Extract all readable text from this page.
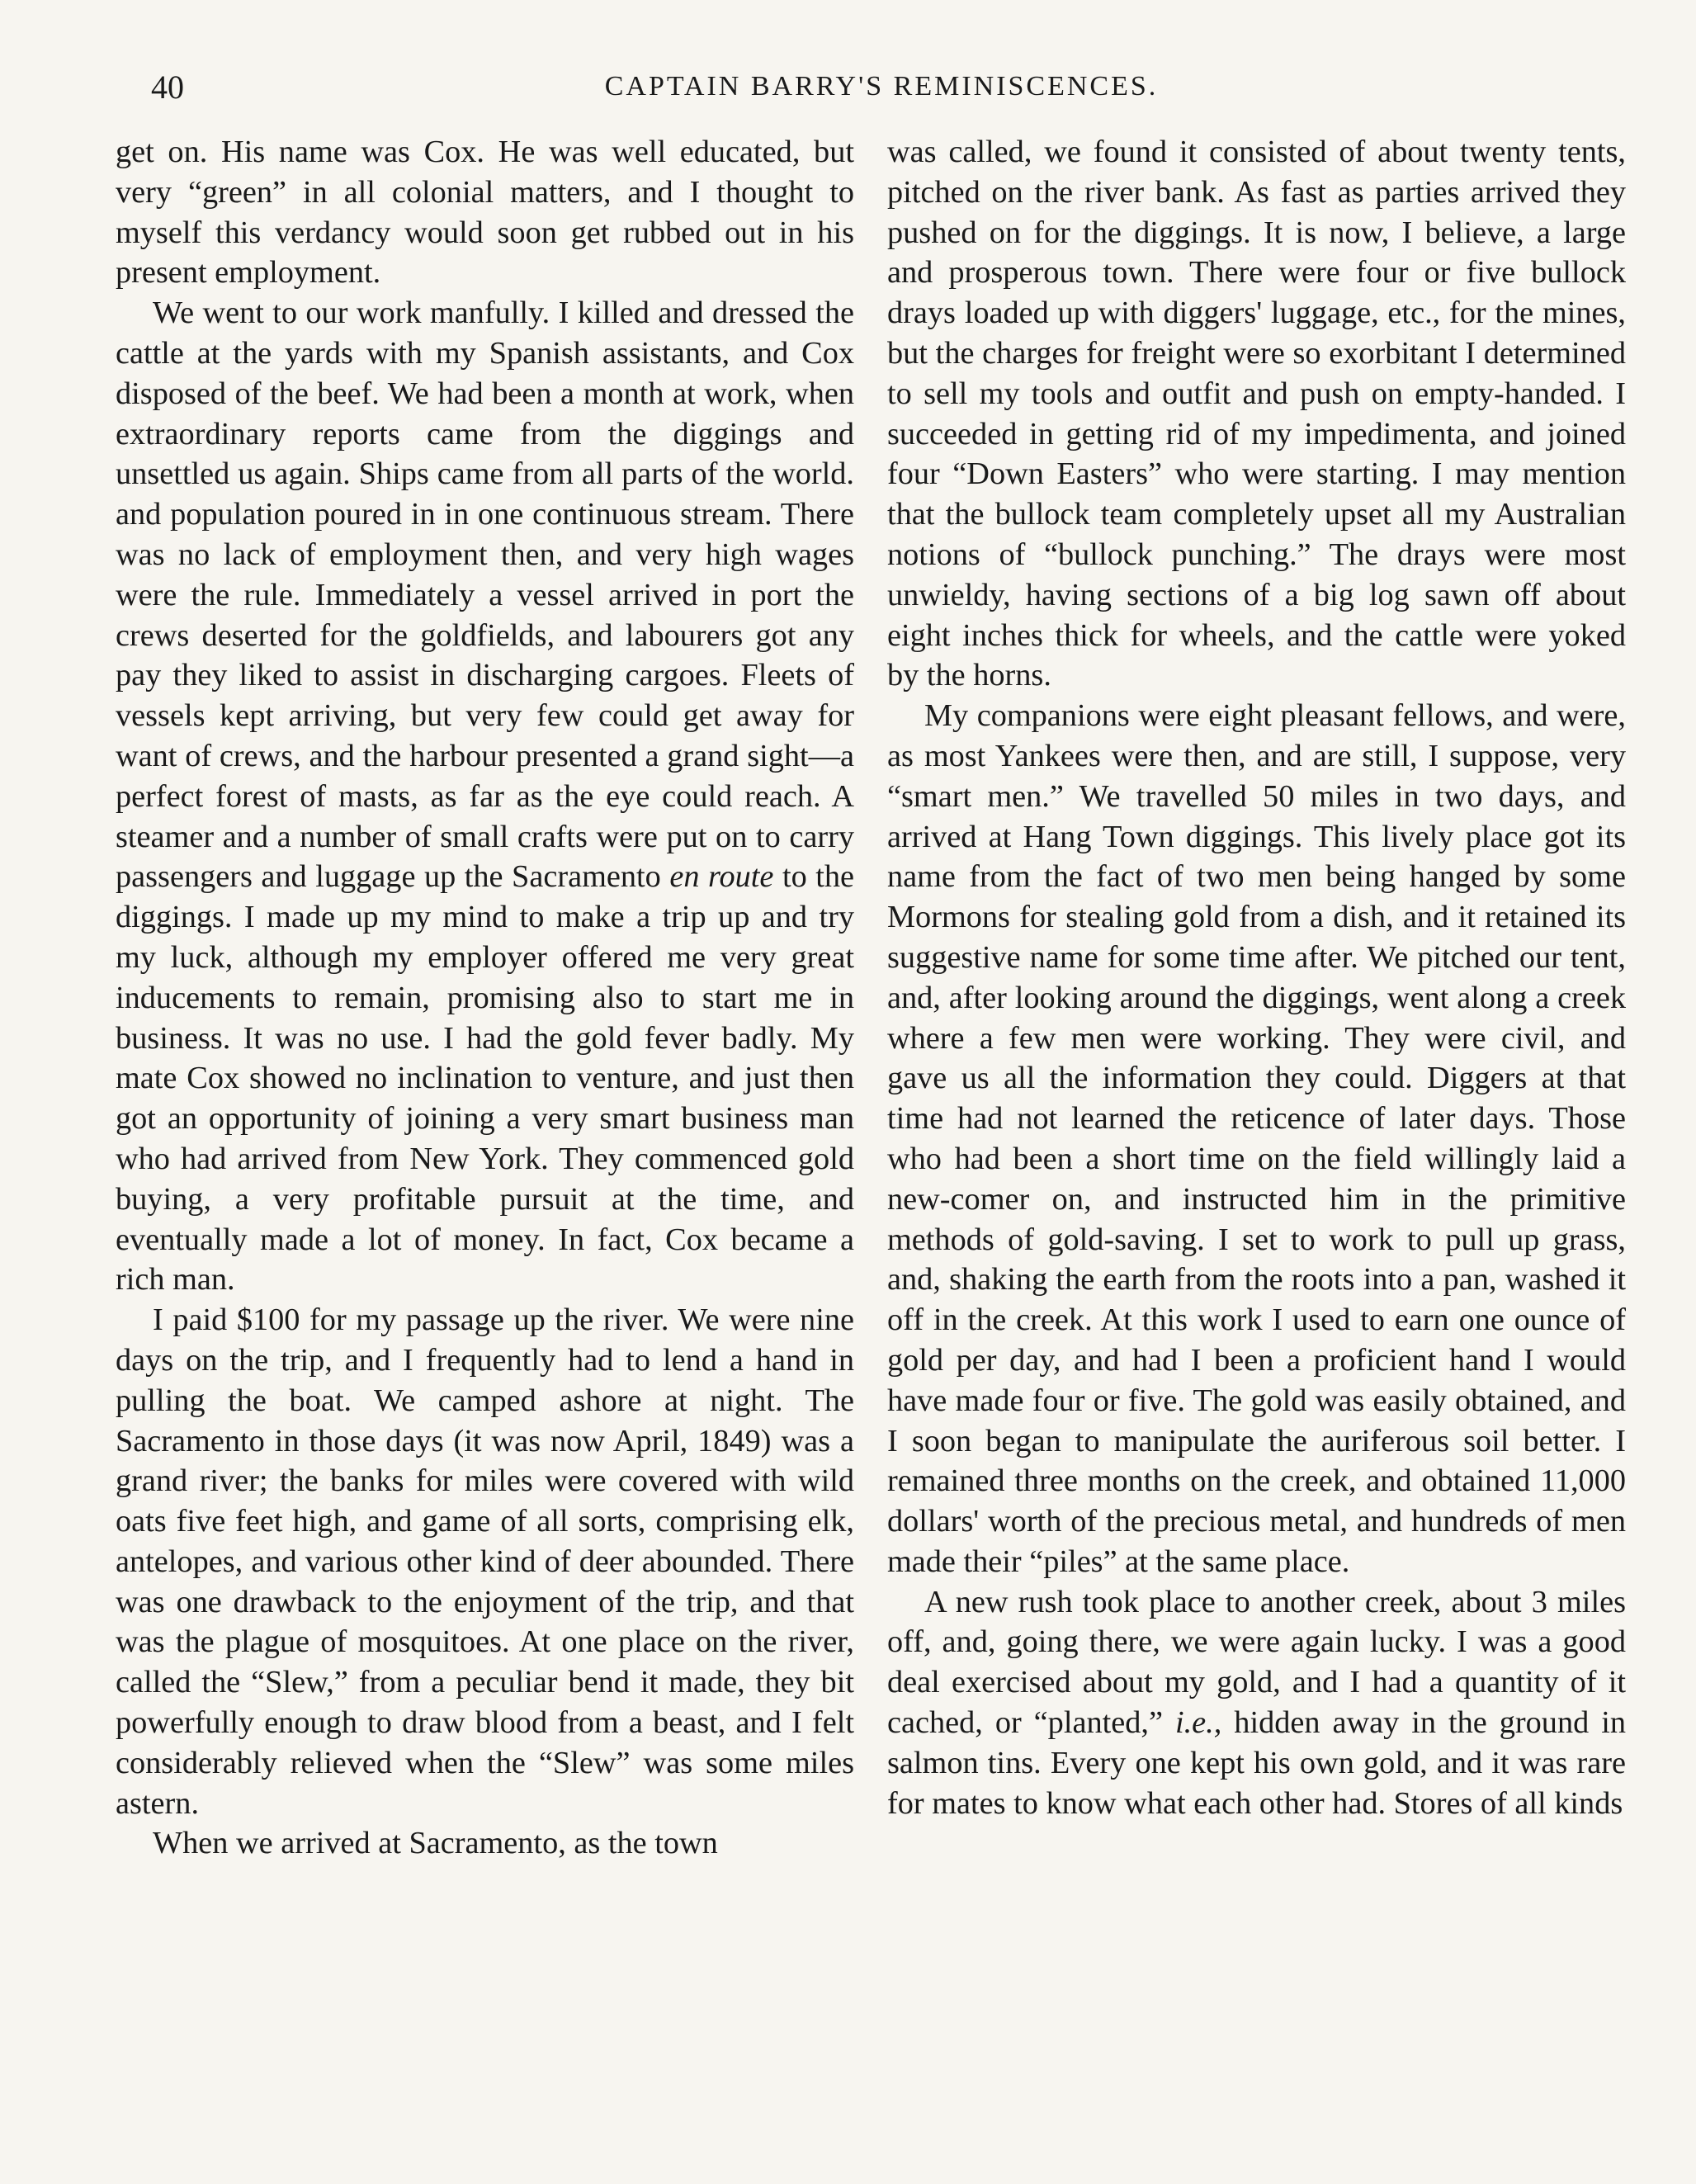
40	CAPTAIN BARRY'S REMINISCENCES.

get on. His name was Cox. He was well educated, but very “green” in all colonial matters, and I thought to myself this verdancy would soon get rubbed out in his present employment.

We went to our work manfully. I killed and dressed the cattle at the yards with my Spanish assistants, and Cox disposed of the beef. We had been a month at work, when extraordinary reports came from the diggings and unsettled us again. Ships came from all parts of the world. and population poured in in one continuous stream. There was no lack of employment then, and very high wages were the rule. Immediately a vessel arrived in port the crews deserted for the goldfields, and labourers got any pay they liked to assist in discharging cargoes. Fleets of vessels kept arriving, but very few could get away for want of crews, and the harbour presented a grand sight—a perfect forest of masts, as far as the eye could reach. A steamer and a number of small crafts were put on to carry passengers and luggage up the Sacramento en route to the diggings. I made up my mind to make a trip up and try my luck, although my employer offered me very great inducements to remain, promising also to start me in business. It was no use. I had the gold fever badly. My mate Cox showed no inclination to venture, and just then got an opportunity of joining a very smart business man who had arrived from New York. They commenced gold buying, a very profitable pursuit at the time, and eventually made a lot of money. In fact, Cox became a rich man.

I paid $100 for my passage up the river. We were nine days on the trip, and I frequently had to lend a hand in pulling the boat. We camped ashore at night. The Sacramento in those days (it was now April, 1849) was a grand river; the banks for miles were covered with wild oats five feet high, and game of all sorts, comprising elk, antelopes, and various other kind of deer abounded. There was one drawback to the enjoyment of the trip, and that was the plague of mosquitoes. At one place on the river, called the “Slew,” from a peculiar bend it made, they bit powerfully enough to draw blood from a beast, and I felt considerably relieved when the “Slew” was some miles astern.

When we arrived at Sacramento, as the town

was called, we found it consisted of about twenty tents, pitched on the river bank. As fast as parties arrived they pushed on for the diggings. It is now, I believe, a large and prosperous town. There were four or five bullock drays loaded up with diggers' luggage, etc., for the mines, but the charges for freight were so exorbitant I determined to sell my tools and outfit and push on empty-handed. I succeeded in getting rid of my impedimenta, and joined four “Down Easters” who were starting. I may mention that the bullock team completely upset all my Australian notions of “bullock punching.” The drays were most unwieldy, having sections of a big log sawn off about eight inches thick for wheels, and the cattle were yoked by the horns.

My companions were eight pleasant fellows, and were, as most Yankees were then, and are still, I suppose, very “smart men.” We travelled 50 miles in two days, and arrived at Hang Town diggings. This lively place got its name from the fact of two men being hanged by some Mormons for stealing gold from a dish, and it retained its suggestive name for some time after. We pitched our tent, and, after looking around the diggings, went along a creek where a few men were working. They were civil, and gave us all the information they could. Diggers at that time had not learned the reticence of later days. Those who had been a short time on the field willingly laid a new-comer on, and instructed him in the primitive methods of gold-saving. I set to work to pull up grass, and, shaking the earth from the roots into a pan, washed it off in the creek. At this work I used to earn one ounce of gold per day, and had I been a proficient hand I would have made four or five. The gold was easily obtained, and I soon began to manipulate the auriferous soil better. I remained three months on the creek, and obtained 11,000 dollars' worth of the precious metal, and hundreds of men made their “piles” at the same place.

A new rush took place to another creek, about 3 miles off, and, going there, we were again lucky. I was a good deal exercised about my gold, and I had a quantity of it cached, or “planted,” i.e., hidden away in the ground in salmon tins. Every one kept his own gold, and it was rare for mates to know what each other had. Stores of all kinds
